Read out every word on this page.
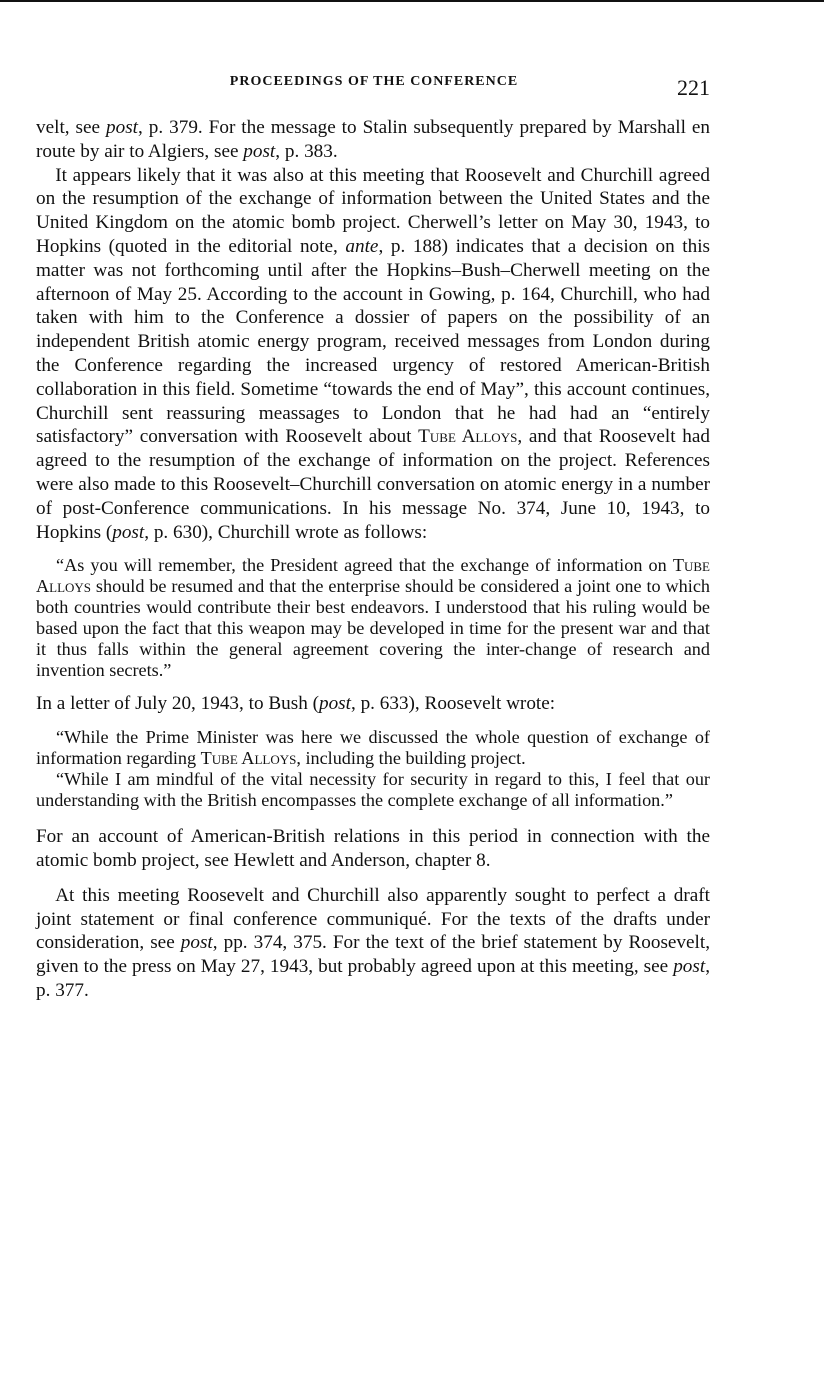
PROCEEDINGS OF THE CONFERENCE	221

velt, see post, p. 379. For the message to Stalin subsequently prepared by Marshall en route by air to Algiers, see post, p. 383.

It appears likely that it was also at this meeting that Roosevelt and Churchill agreed on the resumption of the exchange of information between the United States and the United Kingdom on the atomic bomb project. Cherwell’s letter on May 30, 1943, to Hopkins (quoted in the editorial note, ante, p. 188) indicates that a decision on this matter was not forthcoming until after the Hopkins–Bush–Cherwell meeting on the afternoon of May 25. According to the account in Gowing, p. 164, Churchill, who had taken with him to the Conference a dossier of papers on the possibility of an independent British atomic energy program, received messages from London during the Conference regarding the increased urgency of restored American-British collaboration in this field. Sometime “towards the end of May”, this account continues, Churchill sent reassuring meassages to London that he had had an “entirely satisfactory” conversation with Roosevelt about Tube Alloys, and that Roosevelt had agreed to the resumption of the exchange of information on the project. References were also made to this Roosevelt–Churchill conversation on atomic energy in a number of post-Conference communications. In his message No. 374, June 10, 1943, to Hopkins (post, p. 630), Churchill wrote as follows:

“As you will remember, the President agreed that the exchange of information on Tube Alloys should be resumed and that the enterprise should be considered a joint one to which both countries would contribute their best endeavors. I understood that his ruling would be based upon the fact that this weapon may be developed in time for the present war and that it thus falls within the general agreement covering the inter-change of research and invention secrets.”

In a letter of July 20, 1943, to Bush (post, p. 633), Roosevelt wrote:

“While the Prime Minister was here we discussed the whole question of exchange of information regarding Tube Alloys, including the building project.

“While I am mindful of the vital necessity for security in regard to this, I feel that our understanding with the British encompasses the complete exchange of all information.”

For an account of American-British relations in this period in connection with the atomic bomb project, see Hewlett and Anderson, chapter 8.

At this meeting Roosevelt and Churchill also apparently sought to perfect a draft joint statement or final conference communiqué. For the texts of the drafts under consideration, see post, pp. 374, 375. For the text of the brief statement by Roosevelt, given to the press on May 27, 1943, but probably agreed upon at this meeting, see post, p. 377.
